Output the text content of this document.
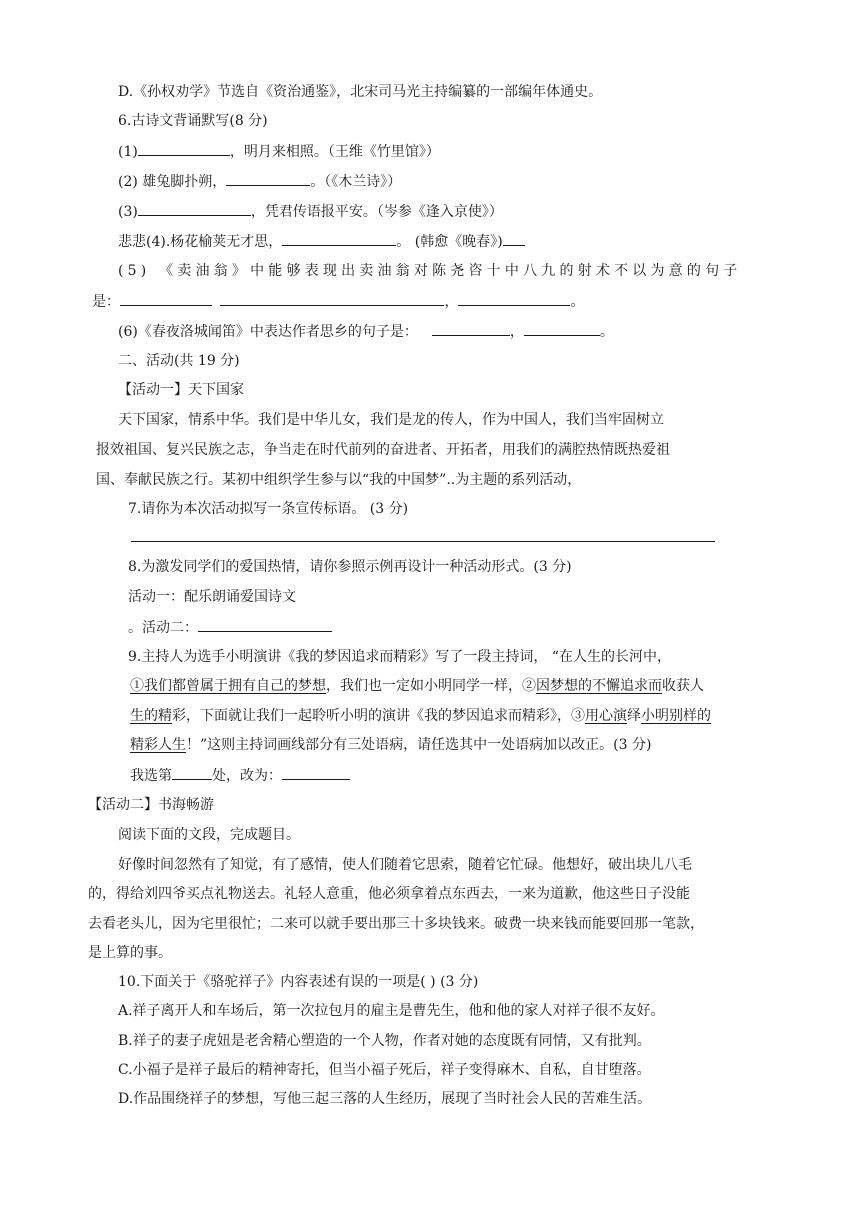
D.《孙权劝学》节选自《资治通鉴》，北宋司马光主持编纂的一部编年体通史。
6.古诗文背诵默写(8 分)
(1)	，明月来相照。（王维《竹里馆》）
(2) 雄兔脚扑朔，	。（《木兰诗》）
(3)	，凭君传语报平安。（岑参《逢入京使》）
悲悲(4).杨花榆荚无才思，	。 (韩愈《晚春》)
(5) 《卖油翁》中能够表现出卖油翁对陈尧咨十中八九的射术不以为意的句子
是：	，	。
(6)《春夜洛城闻笛》中表达作者思乡的句子是：	，	。
二、活动(共 19 分)
【活动一】天下国家
天下国家，情系中华。我们是中华儿女，我们是龙的传人，作为中国人，我们当牢固树立
报效祖国、复兴民族之志，争当走在时代前列的奋进者、开拓者，用我们的满腔热情既热爱祖
国、奉献民族之行。某初中组织学生参与以“我的中国梦”..为主题的系列活动，
7.请你为本次活动拟写一条宣传标语。 (3 分)
8.为激发同学们的爱国热情，请你参照示例再设计一种活动形式。(3 分)
活动一：配乐朗诵爱国诗文
。活动二：
9.主持人为选手小明演讲《我的梦因追求而精彩》写了一段主持词， “在人生的长河中，
①我们都曾属于拥有自己的梦想，我们也一定如小明同学一样，②因梦想的不懈追求而收获人
生的精彩，下面就让我们一起聆听小明的演讲《我的梦因追求而精彩》，③用心演绎小明别样的
精彩人生！”这则主持词画线部分有三处语病，请任选其中一处语病加以改正。(3 分)
我选第	处，改为：
【活动二】书海畅游
阅读下面的文段，完成题目。
好像时间忽然有了知觉，有了感情，使人们随着它思索，随着它忙碌。他想好，破出块儿八毛
的，得给刘四爷买点礼物送去。礼轻人意重，他必须拿着点东西去，一来为道歉，他这些日子没能
去看老头儿，因为宅里很忙；二来可以就手要出那三十多块钱来。破费一块来钱而能要回那一笔款，
是上算的事。
10.下面关于《骆驼祥子》内容表述有误的一项是( ) (3 分)
A.祥子离开人和车场后，第一次拉包月的雇主是曹先生，他和他的家人对祥子很不友好。
B.祥子的妻子虎妞是老舍精心塑造的一个人物，作者对她的态度既有同情，又有批判。
C.小福子是祥子最后的精神寄托，但当小福子死后，祥子变得麻木、自私，自甘堕落。
D.作品围绕祥子的梦想，写他三起三落的人生经历，展现了当时社会人民的苦难生活。
